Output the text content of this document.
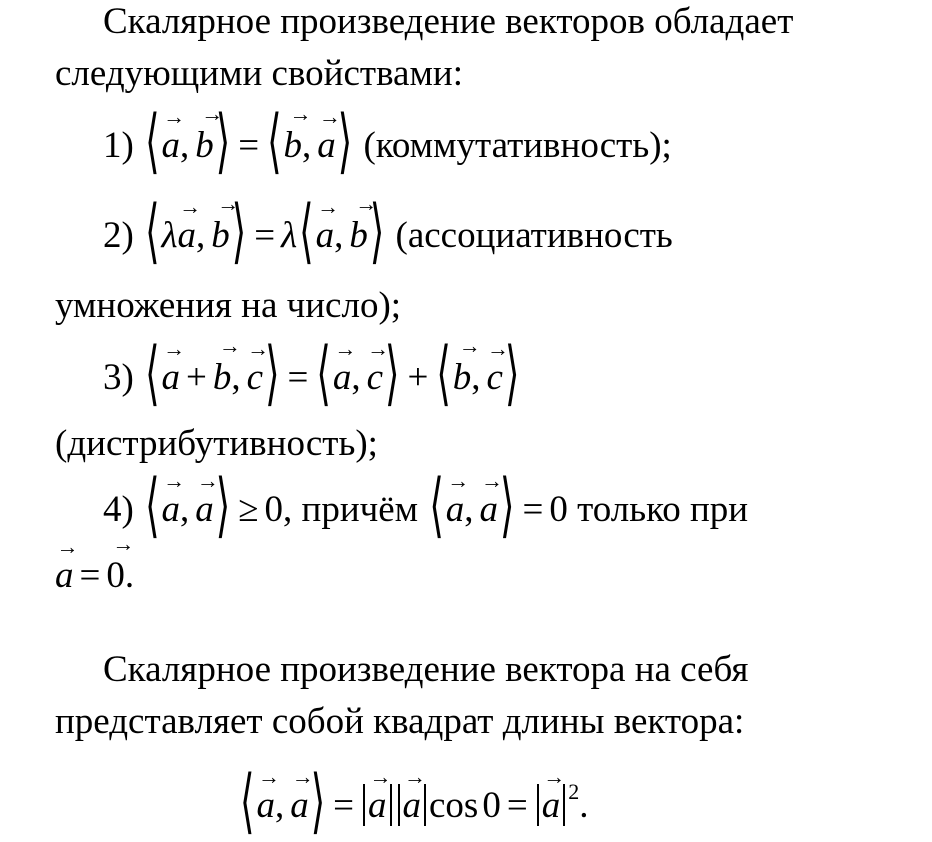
Скалярное произведение векторов обладает
следующими свойствами:
1) ⟨ →
a,
→
b⟩ = ⟨ →
b,
→
a⟩ (коммутативность);
2) ⟨λ
→
a,
→
b⟩ = λ⟨ →
a,
→
b⟩ (ассоциативность
умножения на число);
3) ⟨ →
a +
→
b,
→
c⟩ = ⟨ →
a,
→
c⟩ + ⟨ →
b,
→
c⟩
(дистрибутивность);
4) ⟨ →
a,
→
a⟩ ≥ 0, причём ⟨ →
a,
→
a⟩ = 0 только при
→
a =
→
0.
Скалярное произведение вектора на себя
представляет собой квадрат длины вектора:
⟨ →
a,
→
a⟩ =
→
a
→
a cos 0 =
→
a $^2$.
